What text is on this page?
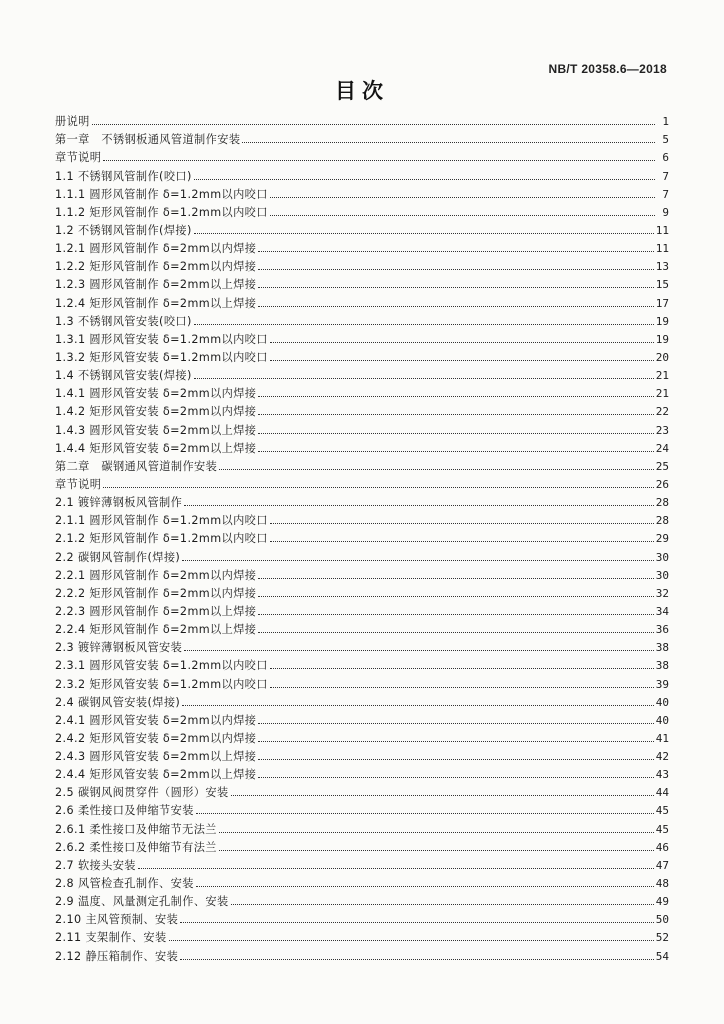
NB/T 20358.6—2018
目次
册说明	1
第一章　不锈钢板通风管道制作安装	5
章节说明	6
1.1 不锈钢风管制作(咬口)	7
1.1.1 圆形风管制作 δ=1.2mm以内咬口	7
1.1.2 矩形风管制作 δ=1.2mm以内咬口	9
1.2 不锈钢风管制作(焊接)	11
1.2.1 圆形风管制作 δ=2mm以内焊接	11
1.2.2 矩形风管制作 δ=2mm以内焊接	13
1.2.3 圆形风管制作 δ=2mm以上焊接	15
1.2.4 矩形风管制作 δ=2mm以上焊接	17
1.3 不锈钢风管安装(咬口)	19
1.3.1 圆形风管安装 δ=1.2mm以内咬口	19
1.3.2 矩形风管安装 δ=1.2mm以内咬口	20
1.4 不锈钢风管安装(焊接)	21
1.4.1 圆形风管安装 δ=2mm以内焊接	21
1.4.2 矩形风管安装 δ=2mm以内焊接	22
1.4.3 圆形风管安装 δ=2mm以上焊接	23
1.4.4 矩形风管安装 δ=2mm以上焊接	24
第二章　碳钢通风管道制作安装	25
章节说明	26
2.1 镀锌薄钢板风管制作	28
2.1.1 圆形风管制作 δ=1.2mm以内咬口	28
2.1.2 矩形风管制作 δ=1.2mm以内咬口	29
2.2 碳钢风管制作(焊接)	30
2.2.1 圆形风管制作 δ=2mm以内焊接	30
2.2.2 矩形风管制作 δ=2mm以内焊接	32
2.2.3 圆形风管制作 δ=2mm以上焊接	34
2.2.4 矩形风管制作 δ=2mm以上焊接	36
2.3 镀锌薄钢板风管安装	38
2.3.1 圆形风管安装 δ=1.2mm以内咬口	38
2.3.2 矩形风管安装 δ=1.2mm以内咬口	39
2.4 碳钢风管安装(焊接)	40
2.4.1 圆形风管安装 δ=2mm以内焊接	40
2.4.2 矩形风管安装 δ=2mm以内焊接	41
2.4.3 圆形风管安装 δ=2mm以上焊接	42
2.4.4 矩形风管安装 δ=2mm以上焊接	43
2.5 碳钢风阀贯穿件（圆形）安装	44
2.6 柔性接口及伸缩节安装	45
2.6.1 柔性接口及伸缩节无法兰	45
2.6.2 柔性接口及伸缩节有法兰	46
2.7 软接头安装	47
2.8 风管检查孔制作、安装	48
2.9 温度、风量测定孔制作、安装	49
2.10 主风管预制、安装	50
2.11 支架制作、安装	52
2.12 静压箱制作、安装	54
